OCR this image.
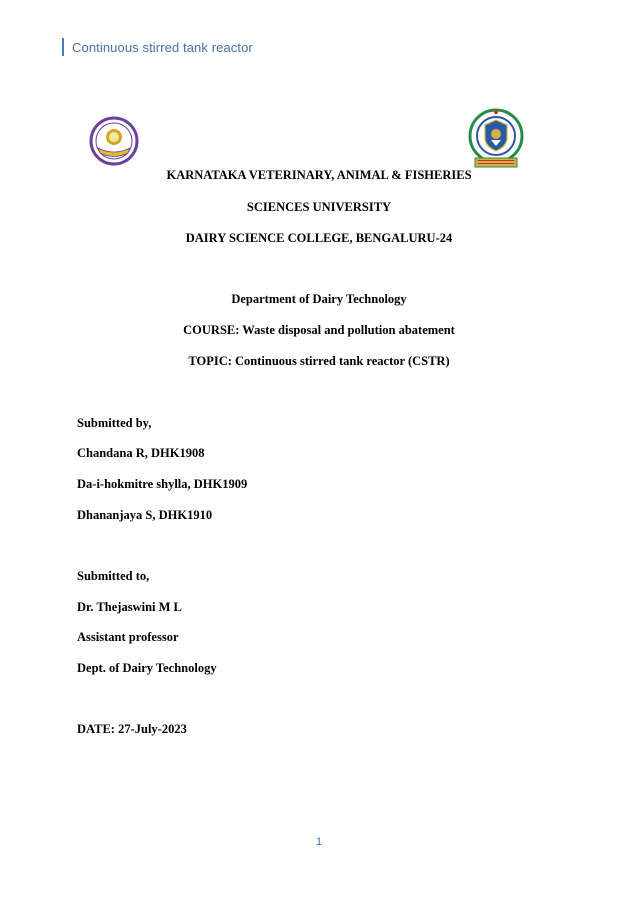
Continuous stirred tank reactor
KARNATAKA VETERINARY, ANIMAL & FISHERIES
SCIENCES UNIVERSITY
DAIRY SCIENCE COLLEGE, BENGALURU-24
Department of Dairy Technology
COURSE: Waste disposal and pollution abatement
TOPIC: Continuous stirred tank reactor (CSTR)
Submitted by,
Chandana R, DHK1908
Da-i-hokmitre shylla, DHK1909
Dhananjaya S, DHK1910
Submitted to,
Dr. Thejaswini M L
Assistant professor
Dept. of Dairy Technology
DATE: 27-July-2023
1
